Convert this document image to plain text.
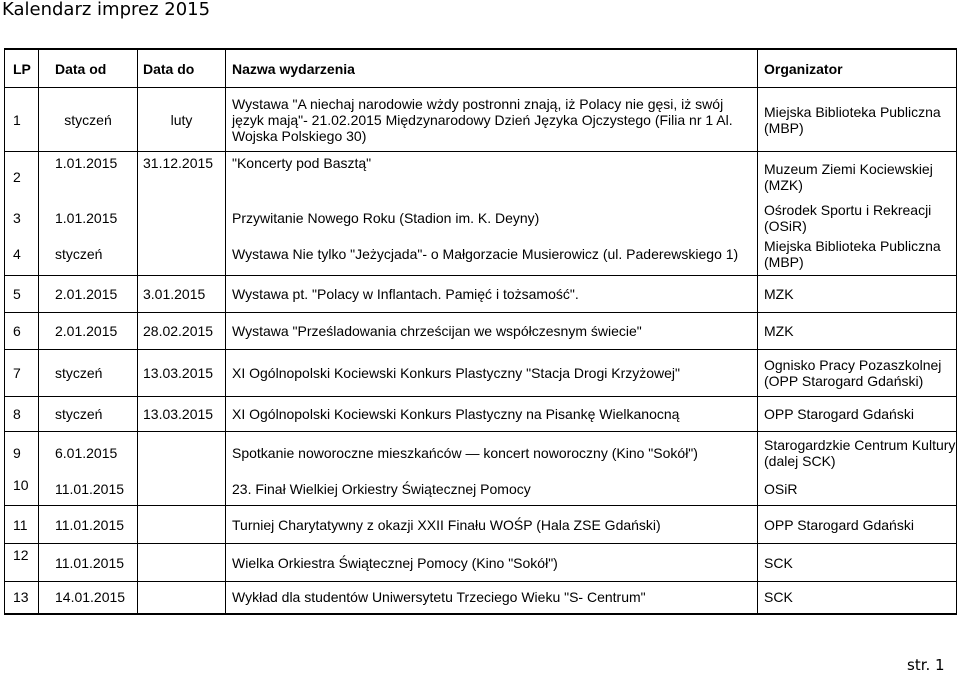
Kalendarz imprez 2015
LP	Data od	Data do	Nazwa wydarzenia	Organizator
1	styczeń	luty	Wystawa "A niechaj narodowie wżdy postronni znają, iż Polacy nie gęsi, iż swój język mają"- 21.02.2015 Międzynarodowy Dzień Języka Ojczystego (Filia nr 1 Al. Wojska Polskiego 30)	Miejska Biblioteka Publiczna (MBP)
2	1.01.2015	31.12.2015	"Koncerty pod Basztą"	Muzeum Ziemi Kociewskiej (MZK)
3	1.01.2015		Przywitanie Nowego Roku (Stadion im. K. Deyny)	Ośrodek Sportu i Rekreacji (OSiR)
4	styczeń		Wystawa Nie tylko "Jeżycjada"- o Małgorzacie Musierowicz (ul. Paderewskiego 1)	Miejska Biblioteka Publiczna (MBP)
5	2.01.2015	3.01.2015	Wystawa pt. "Polacy w Inflantach. Pamięć i tożsamość".	MZK
6	2.01.2015	28.02.2015	Wystawa "Prześladowania chrześcijan we współczesnym świecie"	MZK
7	styczeń	13.03.2015	XI Ogólnopolski Kociewski Konkurs Plastyczny "Stacja Drogi Krzyżowej"	Ognisko Pracy Pozaszkolnej (OPP Starogard Gdański)
8	styczeń	13.03.2015	XI Ogólnopolski Kociewski Konkurs Plastyczny na Pisankę Wielkanocną	OPP Starogard Gdański
9	6.01.2015		Spotkanie noworoczne mieszkańców — koncert noworoczny (Kino "Sokół")	Starogardzkie Centrum Kultury (dalej SCK)
10	11.01.2015		23. Finał Wielkiej Orkiestry Świątecznej Pomocy	OSiR
11	11.01.2015		Turniej Charytatywny z okazji XXII Finału WOŚP (Hala ZSE Gdański)	OPP Starogard Gdański
12	11.01.2015		Wielka Orkiestra Świątecznej Pomocy (Kino "Sokół")	SCK
13	14.01.2015		Wykład dla studentów Uniwersytetu Trzeciego Wieku "S- Centrum"	SCK
str. 1
